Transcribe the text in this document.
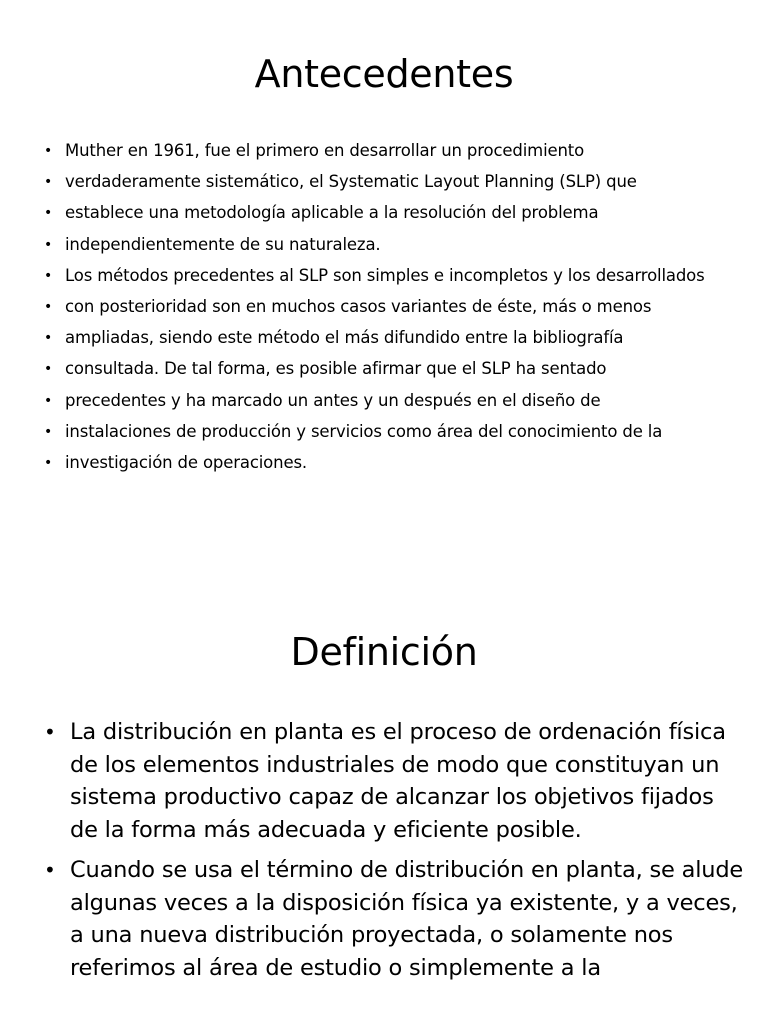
Antecedentes
• Muther en 1961, fue el primero en desarrollar un procedimiento
• verdaderamente sistemático, el Systematic Layout Planning (SLP) que
• establece una metodología aplicable a la resolución del problema
• independientemente de su naturaleza.
• Los métodos precedentes al SLP son simples e incompletos y los desarrollados
• con posterioridad son en muchos casos variantes de éste, más o menos
• ampliadas, siendo este método el más difundido entre la bibliografía
• consultada. De tal forma, es posible afirmar que el SLP ha sentado
• precedentes y ha marcado un antes y un después en el diseño de
• instalaciones de producción y servicios como área del conocimiento de la
• investigación de operaciones.
Definición
• La distribución en planta es el proceso de ordenación física de los elementos industriales de modo que constituyan un sistema productivo capaz de alcanzar los objetivos fijados de la forma más adecuada y eficiente posible.
• Cuando se usa el término de distribución en planta, se alude algunas veces a la disposición física ya existente, y a veces, a una nueva distribución proyectada, o solamente nos referimos al área de estudio o simplemente a la
